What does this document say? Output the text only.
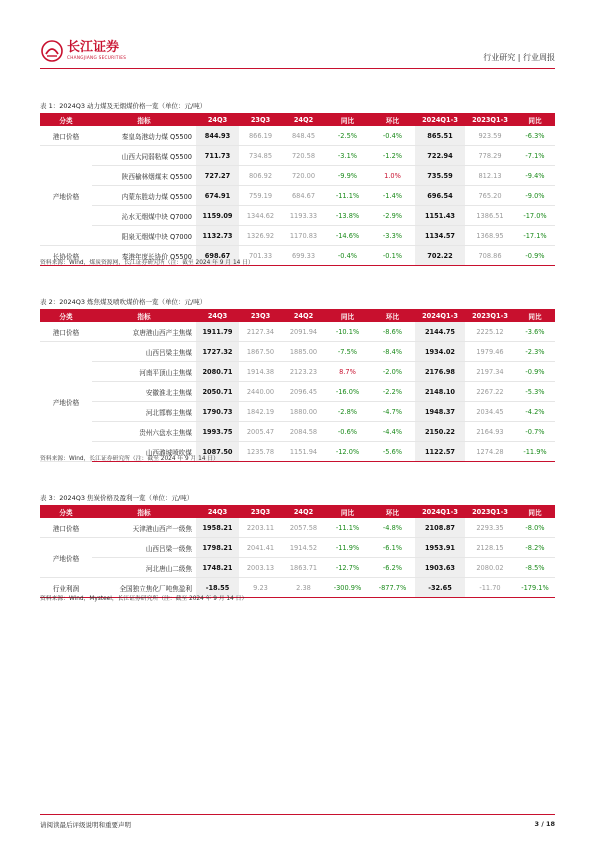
长江证券
CHANGJIANG SECURITIES	行业研究 | 行业周报
表 1：2024Q3 动力煤及无烟煤价格一览（单位：元/吨）
分类	指标	24Q3	23Q3	24Q2	同比	环比	2024Q1-3	2023Q1-3	同比
港口价格	秦皇岛港动力煤 Q5500	844.93	866.19	848.45	-2.5%	-0.4%	865.51	923.59	-6.3%
产地价格	山西大同弱粘煤 Q5500	711.73	734.85	720.58	-3.1%	-1.2%	722.94	778.29	-7.1%
	陕西榆林烟煤末 Q5500	727.27	806.92	720.00	-9.9%	1.0%	735.59	812.13	-9.4%
	内蒙东胜动力煤 Q5500	674.91	759.19	684.67	-11.1%	-1.4%	696.54	765.20	-9.0%
	沁水无烟煤中块 Q7000	1159.09	1344.62	1193.33	-13.8%	-2.9%	1151.43	1386.51	-17.0%
	阳泉无烟煤中块 Q7000	1132.73	1326.92	1170.83	-14.6%	-3.3%	1134.57	1368.95	-17.1%
长协价格	秦港年度长协价 Q5500	698.67	701.33	699.33	-0.4%	-0.1%	702.22	708.86	-0.9%
资料来源：Wind，煤炭资源网，长江证券研究所（注：截至 2024 年 9 月 14 日）
表 2：2024Q3 炼焦煤及喷吹煤价格一览（单位：元/吨）
分类	指标	24Q3	23Q3	24Q2	同比	环比	2024Q1-3	2023Q1-3	同比
港口价格	京唐港山西产主焦煤	1911.79	2127.34	2091.94	-10.1%	-8.6%	2144.75	2225.12	-3.6%
产地价格	山西吕梁主焦煤	1727.32	1867.50	1885.00	-7.5%	-8.4%	1934.02	1979.46	-2.3%
	河南平顶山主焦煤	2080.71	1914.38	2123.23	8.7%	-2.0%	2176.98	2197.34	-0.9%
	安徽淮北主焦煤	2050.71	2440.00	2096.45	-16.0%	-2.2%	2148.10	2267.22	-5.3%
	河北邯郸主焦煤	1790.73	1842.19	1880.00	-2.8%	-4.7%	1948.37	2034.45	-4.2%
	贵州六盘水主焦煤	1993.75	2005.47	2084.58	-0.6%	-4.4%	2150.22	2164.93	-0.7%
	山西潞城喷吹煤	1087.50	1235.78	1151.94	-12.0%	-5.6%	1122.57	1274.28	-11.9%
资料来源：Wind，长江证券研究所（注：截至 2024 年 9 月 14 日）
表 3：2024Q3 焦炭价格及盈利一览（单位：元/吨）
分类	指标	24Q3	23Q3	24Q2	同比	环比	2024Q1-3	2023Q1-3	同比
港口价格	天津港山西产一级焦	1958.21	2203.11	2057.58	-11.1%	-4.8%	2108.87	2293.35	-8.0%
产地价格	山西吕梁一级焦	1798.21	2041.41	1914.52	-11.9%	-6.1%	1953.91	2128.15	-8.2%
	河北唐山二级焦	1748.21	2003.13	1863.71	-12.7%	-6.2%	1903.63	2080.02	-8.5%
行业利润	全国独立焦化厂吨焦盈利	-18.55	9.23	2.38	-300.9%	-877.7%	-32.65	-11.70	-179.1%
资料来源：Wind，Mysteel，长江证券研究所（注：截至 2024 年 9 月 14 日）
请阅读最后评级说明和重要声明	3 / 18
